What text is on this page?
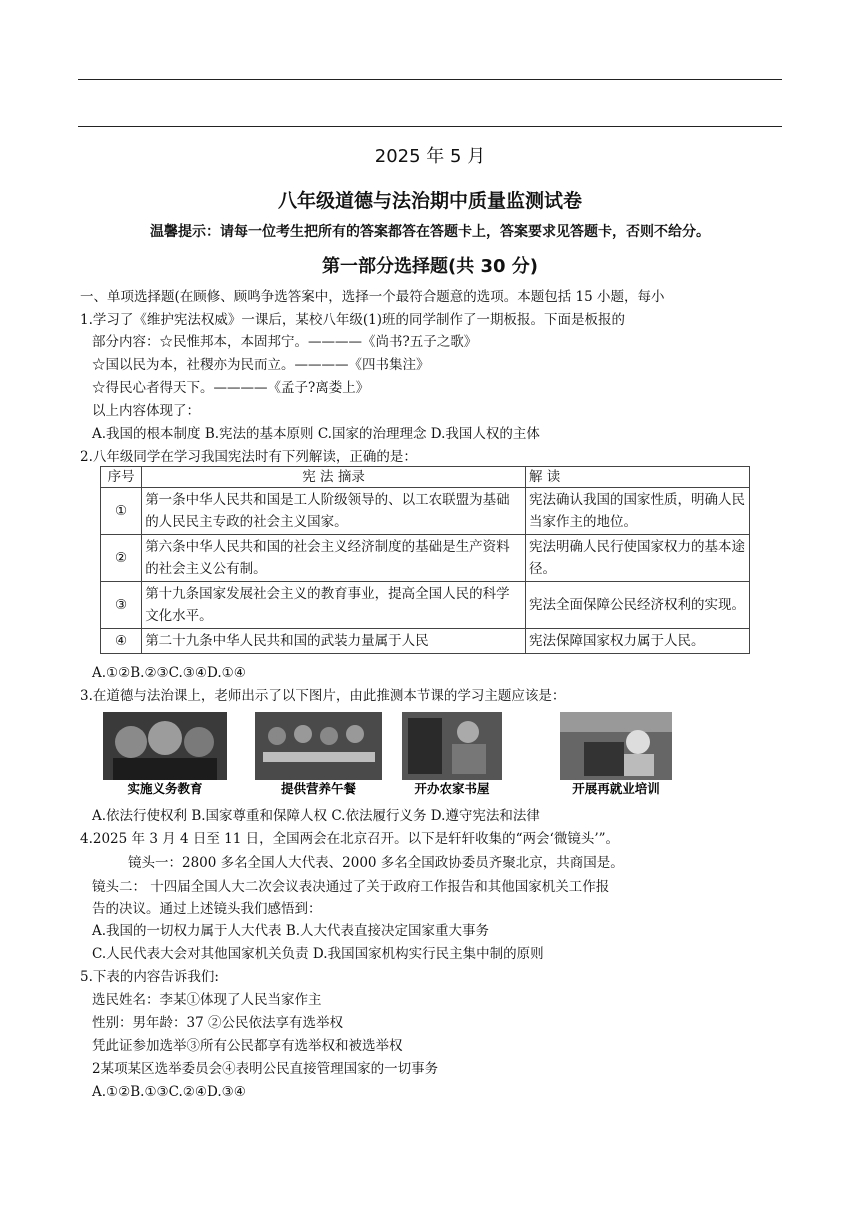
2025 年 5 月
八年级道德与法治期中质量监测试卷
温馨提示：请每一位考生把所有的答案都答在答题卡上，答案要求见答题卡，否则不给分。
第一部分选择题(共 30 分)
一、单项选择题(在顾修、顾鸣争选答案中，选择一个最符合题意的选项。本题包括 15 小题，每小
1.学习了《维护宪法权威》一课后，某校八年级(1)班的同学制作了一期板报。下面是板报的
部分内容：☆民惟邦本，本固邦宁。————《尚书?五子之歌》
☆国以民为本，社稷亦为民而立。————《四书集注》
☆得民心者得天下。————《孟子?离娄上》
以上内容体现了：
A.我国的根本制度 B.宪法的基本原则 C.国家的治理理念 D.我国人权的主体
2.八年级同学在学习我国宪法时有下列解读，正确的是：
序号	宪 法 摘录	解 读
①	第一条中华人民共和国是工人阶级领导的、以工农联盟为基础的人民民主专政的社会主义国家。	宪法确认我国的国家性质，明确人民当家作主的地位。
②	第六条中华人民共和国的社会主义经济制度的基础是生产资料的社会主义公有制。	宪法明确人民行使国家权力的基本途径。
③	第十九条国家发展社会主义的教育事业，提高全国人民的科学文化水平。	宪法全面保障公民经济权利的实现。
④	第二十九条中华人民共和国的武装力量属于人民	宪法保障国家权力属于人民。
A.①②B.②③C.③④D.①④
3.在道德与法治课上，老师出示了以下图片，由此推测本节课的学习主题应该是：
实施义务教育	提供营养午餐	开办农家书屋	开展再就业培训
A.依法行使权利 B.国家尊重和保障人权 C.依法履行义务 D.遵守宪法和法律
4.2025 年 3 月 4 日至 11 日，全国两会在北京召开。以下是轩轩收集的“两会‘微镜头’”。
镜头一：2800 多名全国人大代表、2000 多名全国政协委员齐聚北京，共商国是。
镜头二： 十四届全国人大二次会议表决通过了关于政府工作报告和其他国家机关工作报
告的决议。通过上述镜头我们感悟到：
A.我国的一切权力属于人大代表 B.人大代表直接决定国家重大事务
C.人民代表大会对其他国家机关负责 D.我国国家机构实行民主集中制的原则
5.下表的内容告诉我们:
选民姓名：李某①体现了人民当家作主
性别：男年龄：37 ②公民依法享有选举权
凭此证参加选举③所有公民都享有选举权和被选举权
2某项某区选举委员会④表明公民直接管理国家的一切事务
A.①②B.①③C.②④D.③④
